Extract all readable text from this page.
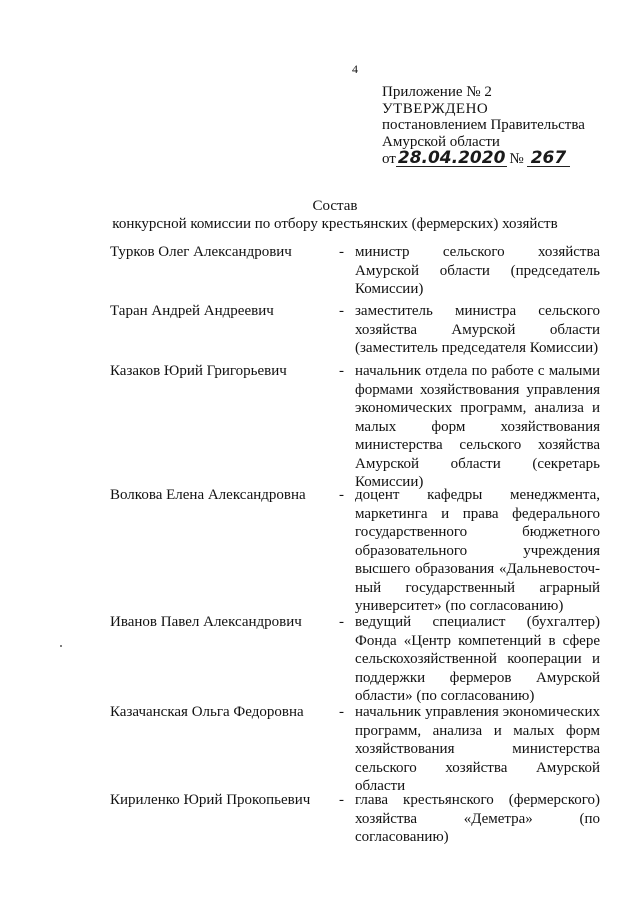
4
Приложение № 2
УТВЕРЖДЕНО
постановлением Правительства
Амурской области
от 28.04.2020 № 267
Состав
конкурсной комиссии по отбору крестьянских (фермерских) хозяйств
Турков Олег Александрович	- министр сельского хозяйства Амурской области (председатель Комиссии)
Таран Андрей Андреевич	- заместитель министра сельского хозяйства Амурской области (заместитель председателя Комиссии)
Казаков Юрий Григорьевич	- начальник отдела по работе с малыми формами хозяйствования управления экономических программ, анализа и малых форм хозяйствования министерства сельского хозяйства Амурской области (секретарь Комиссии)
Волкова Елена Александровна - доцент кафедры менеджмента, маркетинга и права федерального государственного бюджетного образовательного учреждения высшего образования «Дальневосточ-ный государственный аграрный университет» (по согласованию)
Иванов Павел Александрович - ведущий специалист (бухгалтер) Фонда «Центр компетенций в сфере сельскохозяйственной кооперации и поддержки фермеров Амурской области» (по согласованию)
Казачанская Ольга Федоровна - начальник управления экономических программ, анализа и малых форм хозяйствования министерства сельского хозяйства Амурской области
Кириленко Юрий Прокопьевич - глава крестьянского (фермерского) хозяйства «Деметра» (по согласованию)
